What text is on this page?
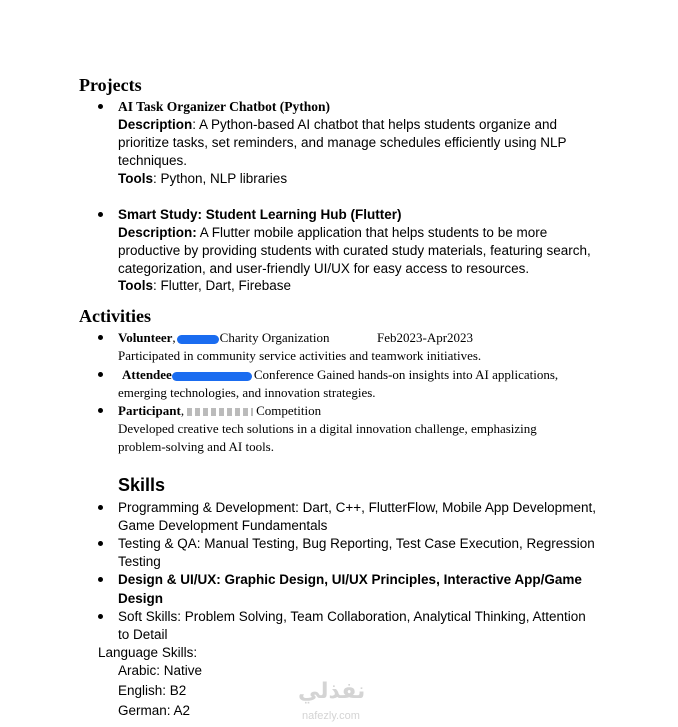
Projects
AI Task Organizer Chatbot (Python)
Description: A Python-based AI chatbot that helps students organize and
prioritize tasks, set reminders, and manage schedules efficiently using NLP
techniques.
Tools: Python, NLP libraries
Smart Study: Student Learning Hub (Flutter)
Description: A Flutter mobile application that helps students to be more
productive by providing students with curated study materials, featuring search,
categorization, and user-friendly UI/UX for easy access to resources.
Tools: Flutter, Dart, Firebase
Activities
Volunteer,	Charity Organization	Feb2023-Apr2023
Participated in community service activities and teamwork initiatives.
Attendee	Conference Gained hands-on insights into AI applications,
emerging technologies, and innovation strategies.
Participant,	Competition
Developed creative tech solutions in a digital innovation challenge, emphasizing
problem-solving and AI tools.
Skills
Programming & Development: Dart, C++, FlutterFlow, Mobile App Development,
Game Development Fundamentals
Testing & QA: Manual Testing, Bug Reporting, Test Case Execution, Regression
Testing
Design & UI/UX: Graphic Design, UI/UX Principles, Interactive App/Game
Design
Soft Skills: Problem Solving, Team Collaboration, Analytical Thinking, Attention
to Detail
Language Skills:
Arabic: Native
English: B2
German: A2
نفذلي
nafezly.com
